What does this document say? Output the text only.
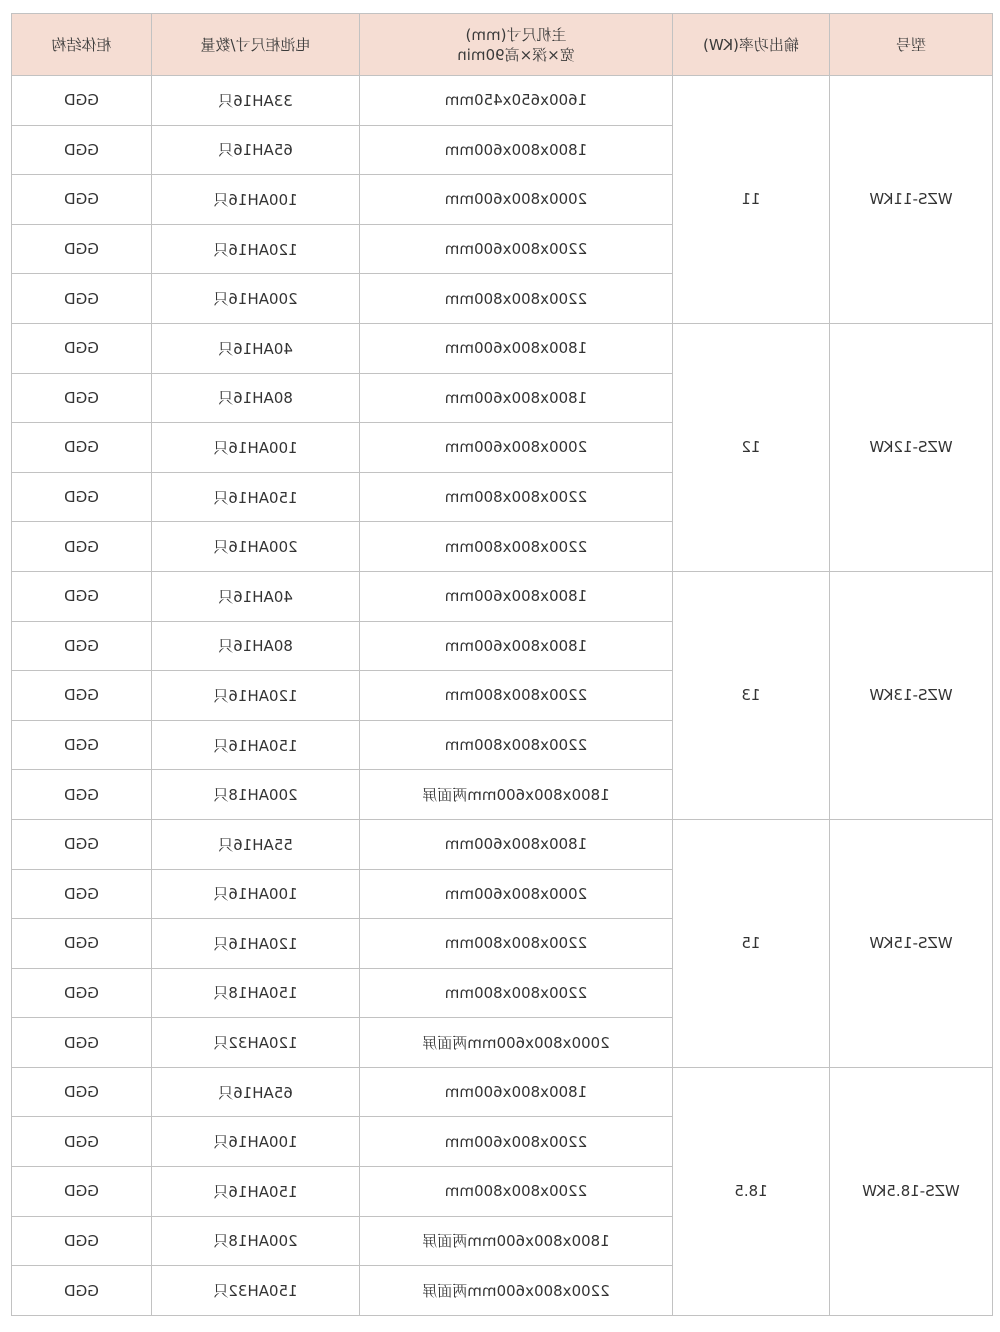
型号	输出功率(KW)	主机尺寸(mm)
宽×深×高90min	电池柜尺寸/数量	柜体结构
WZS-11KW	11	1600x650x450mm	33AH16只	GGD
		1800x800x600mm	65AH16只	GGD
		2000x800x600mm	100AH16只	GGD
		2200x800x600mm	120AH16只	GGD
		2200x800x800mm	200AH16只	GGD
WZS-12KW	12	1800x800x600mm	40AH16只	GGD
		1800x800x600mm	80AH16只	GGD
		2000x800x600mm	100AH16只	GGD
		2200x800x800mm	150AH16只	GGD
		2200x800x800mm	200AH16只	GGD
WZS-13KW	13	1800x800x600mm	40AH16只	GGD
		1800x800x600mm	80AH16只	GGD
		2200x800x800mm	120AH16只	GGD
		2200x800x800mm	150AH16只	GGD
		1800x800x600mm两面屏	200AH18只	GGD
WZS-15KW	15	1800x800x600mm	55AH16只	GGD
		2000x800x600mm	100AH16只	GGD
		2200x800x800mm	120AH16只	GGD
		2200x800x800mm	150AH18只	GGD
		2000x800x600mm两面屏	120AH32只	GGD
WZS-18.5KW	18.5	1800x800x600mm	65AH16只	GGD
		2200x800x600mm	100AH16只	GGD
		2200x800x800mm	150AH16只	GGD
		1800x800x600mm两面屏	200AH18只	GGD
		2200x800x600mm两面屏	150AH32只	GGD
